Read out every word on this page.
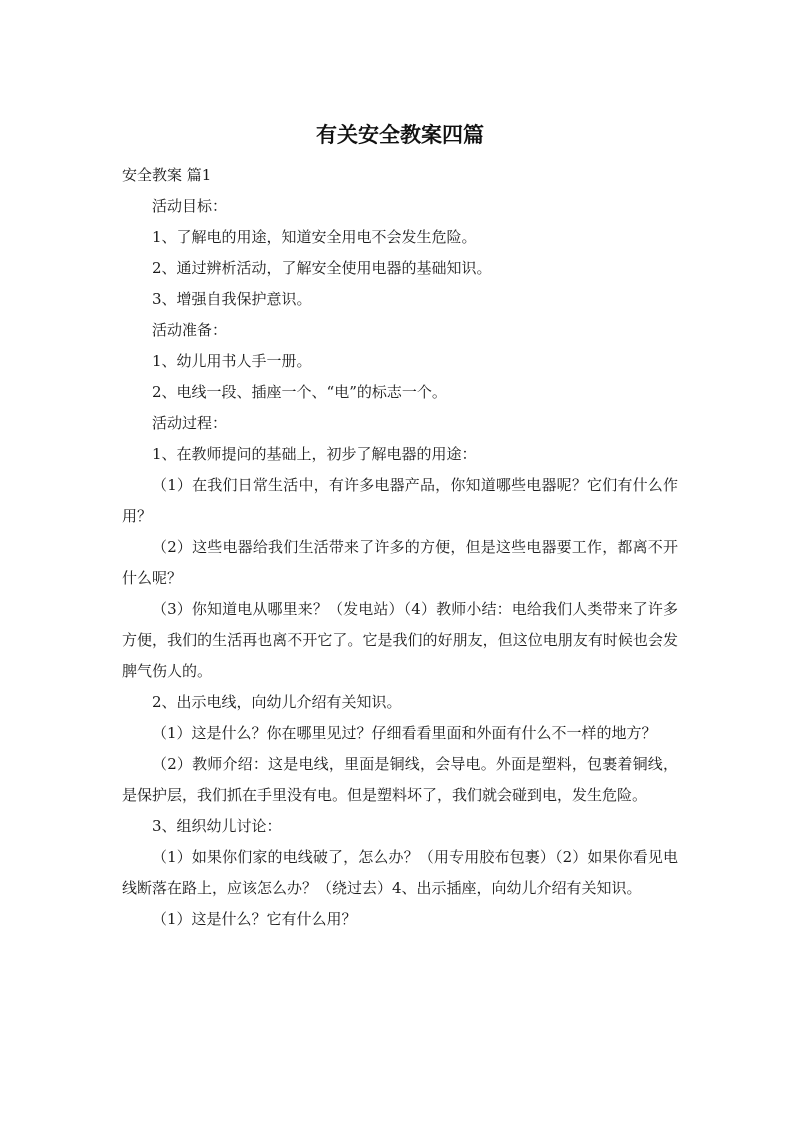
有关安全教案四篇

安全教案 篇1

活动目标：

1、了解电的用途，知道安全用电不会发生危险。

2、通过辨析活动，了解安全使用电器的基础知识。

3、增强自我保护意识。

活动准备：

1、幼儿用书人手一册。

2、电线一段、插座一个、“电”的标志一个。

活动过程：

1、在教师提问的基础上，初步了解电器的用途：

（1）在我们日常生活中，有许多电器产品，你知道哪些电器呢？它们有什么作用？

（2）这些电器给我们生活带来了许多的方便，但是这些电器要工作，都离不开什么呢？

（3）你知道电从哪里来？（发电站）（4）教师小结：电给我们人类带来了许多方便，我们的生活再也离不开它了。它是我们的好朋友，但这位电朋友有时候也会发脾气伤人的。

2、出示电线，向幼儿介绍有关知识。

（1）这是什么？你在哪里见过？仔细看看里面和外面有什么不一样的地方？

（2）教师介绍：这是电线，里面是铜线，会导电。外面是塑料，包裹着铜线，是保护层，我们抓在手里没有电。但是塑料坏了，我们就会碰到电，发生危险。

3、组织幼儿讨论：

（1）如果你们家的电线破了，怎么办？（用专用胶布包裹）（2）如果你看见电线断落在路上，应该怎么办？（绕过去）4、出示插座，向幼儿介绍有关知识。

（1）这是什么？它有什么用？
